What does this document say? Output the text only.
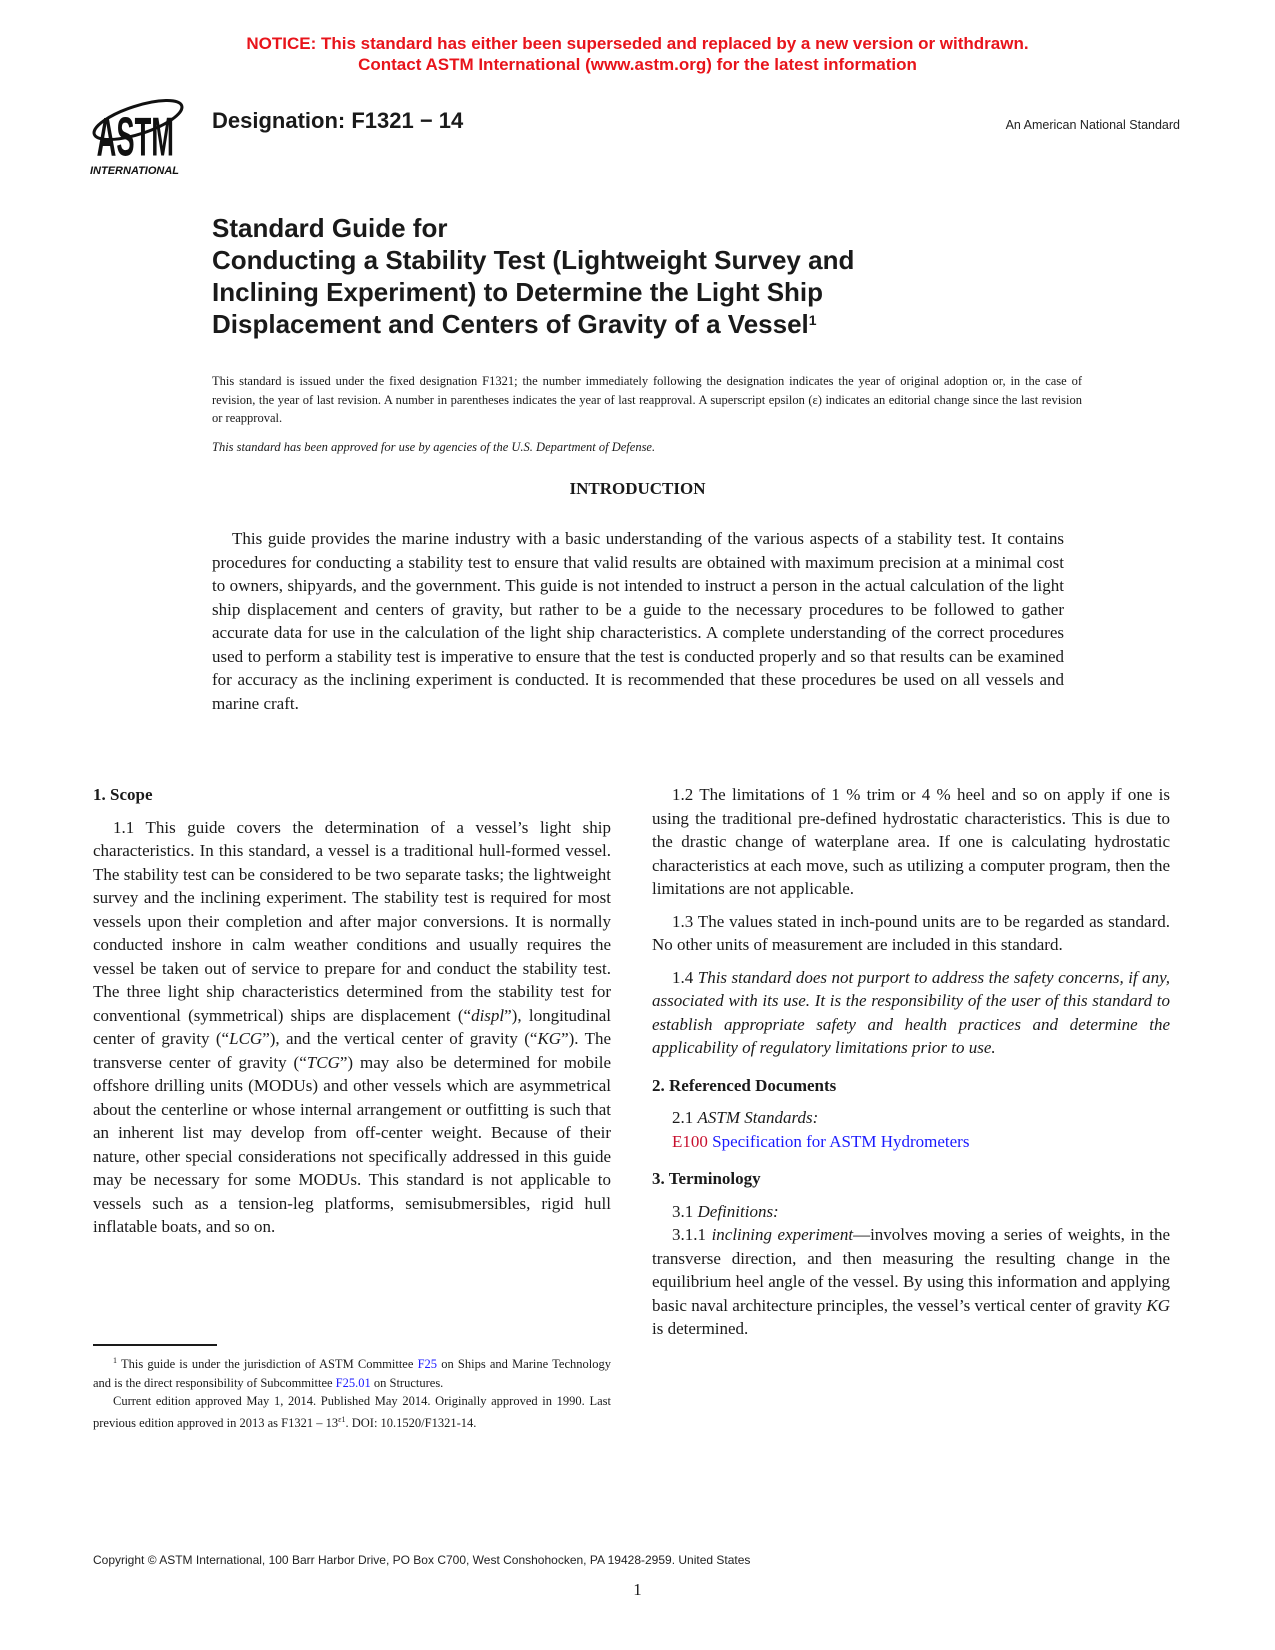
NOTICE: This standard has either been superseded and replaced by a new version or withdrawn.
Contact ASTM International (www.astm.org) for the latest information
ASTM
INTERNATIONAL
Designation: F1321 − 14	An American National Standard
Standard Guide for
Conducting a Stability Test (Lightweight Survey and
Inclining Experiment) to Determine the Light Ship
Displacement and Centers of Gravity of a Vessel$^1$
This standard is issued under the fixed designation F1321; the number immediately following the designation indicates the year of original adoption or, in the case of revision, the year of last revision. A number in parentheses indicates the year of last reapproval. A superscript epsilon (ε) indicates an editorial change since the last revision or reapproval.
This standard has been approved for use by agencies of the U.S. Department of Defense.
INTRODUCTION
This guide provides the marine industry with a basic understanding of the various aspects of a stability test. It contains procedures for conducting a stability test to ensure that valid results are obtained with maximum precision at a minimal cost to owners, shipyards, and the government. This guide is not intended to instruct a person in the actual calculation of the light ship displacement and centers of gravity, but rather to be a guide to the necessary procedures to be followed to gather accurate data for use in the calculation of the light ship characteristics. A complete understanding of the correct procedures used to perform a stability test is imperative to ensure that the test is conducted properly and so that results can be examined for accuracy as the inclining experiment is conducted. It is recommended that these procedures be used on all vessels and marine craft.
1. Scope

1.1 This guide covers the determination of a vessel’s light ship characteristics. In this standard, a vessel is a traditional hull-formed vessel. The stability test can be considered to be two separate tasks; the lightweight survey and the inclining experiment. The stability test is required for most vessels upon their completion and after major conversions. It is normally conducted inshore in calm weather conditions and usually requires the vessel be taken out of service to prepare for and conduct the stability test. The three light ship characteristics determined from the stability test for conventional (symmetrical) ships are displacement (“displ”), longitudinal center of gravity (“LCG”), and the vertical center of gravity (“KG”). The transverse center of gravity (“TCG”) may also be determined for mobile offshore drilling units (MODUs) and other vessels which are asymmetrical about the centerline or whose internal arrangement or outfitting is such that an inherent list may develop from off-center weight. Because of their nature, other special considerations not specifically addressed in this guide may be necessary for some MODUs. This standard is not applicable to vessels such as a tension-leg platforms, semisubmersibles, rigid hull inflatable boats, and so on.

$^1$ This guide is under the jurisdiction of ASTM Committee F25 on Ships and Marine Technology and is the direct responsibility of Subcommittee F25.01 on Structures.

Current edition approved May 1, 2014. Published May 2014. Originally approved in 1990. Last previous edition approved in 2013 as $F1321 - 13^{\varepsilon 1}$. DOI: 10.1520/F1321-14.

1.2 The limitations of 1 % trim or 4 % heel and so on apply if one is using the traditional pre-defined hydrostatic characteristics. This is due to the drastic change of waterplane area. If one is calculating hydrostatic characteristics at each move, such as utilizing a computer program, then the limitations are not applicable.

1.3 The values stated in inch-pound units are to be regarded as standard. No other units of measurement are included in this standard.

1.4 This standard does not purport to address the safety concerns, if any, associated with its use. It is the responsibility of the user of this standard to establish appropriate safety and health practices and determine the applicability of regulatory limitations prior to use.

2. Referenced Documents

2.1 ASTM Standards:

E100 Specification for ASTM Hydrometers

3. Terminology

3.1 Definitions:

3.1.1 inclining experiment—involves moving a series of weights, in the transverse direction, and then measuring the resulting change in the equilibrium heel angle of the vessel. By using this information and applying basic naval architecture principles, the vessel’s vertical center of gravity KG is determined.

Copyright © ASTM International, 100 Barr Harbor Drive, PO Box C700, West Conshohocken, PA 19428-2959. United States
1
